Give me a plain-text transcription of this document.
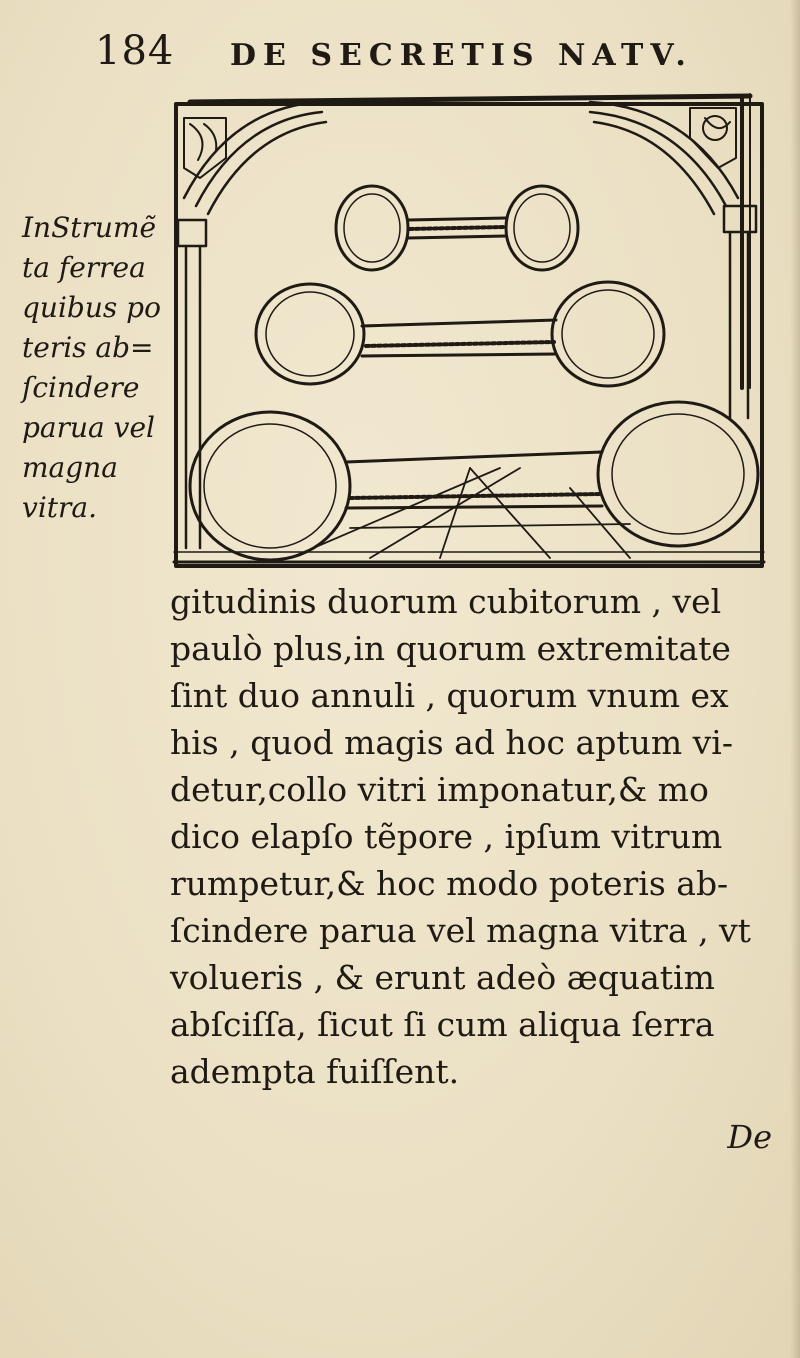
184 DE SECRETIS NATV.
InStrumẽ
ta ferrea
quibus po
teris ab=
ſcindere
parua vel
magna
vitra.
gitudinis duorum cubitorum , vel
paulò plus,in quorum extremitate
ſint duo annuli , quorum vnum ex
his , quod magis ad hoc aptum vi-
detur,collo vitri imponatur,& mo
dico elapſo tẽpore , ipſum vitrum
rumpetur,& hoc modo poteris ab-
ſcindere parua vel magna vitra , vt
volueris , & erunt adeò æquatim
abſciſſa, ſicut ſi cum aliqua ſerra
adempta fuiſſent.
De
